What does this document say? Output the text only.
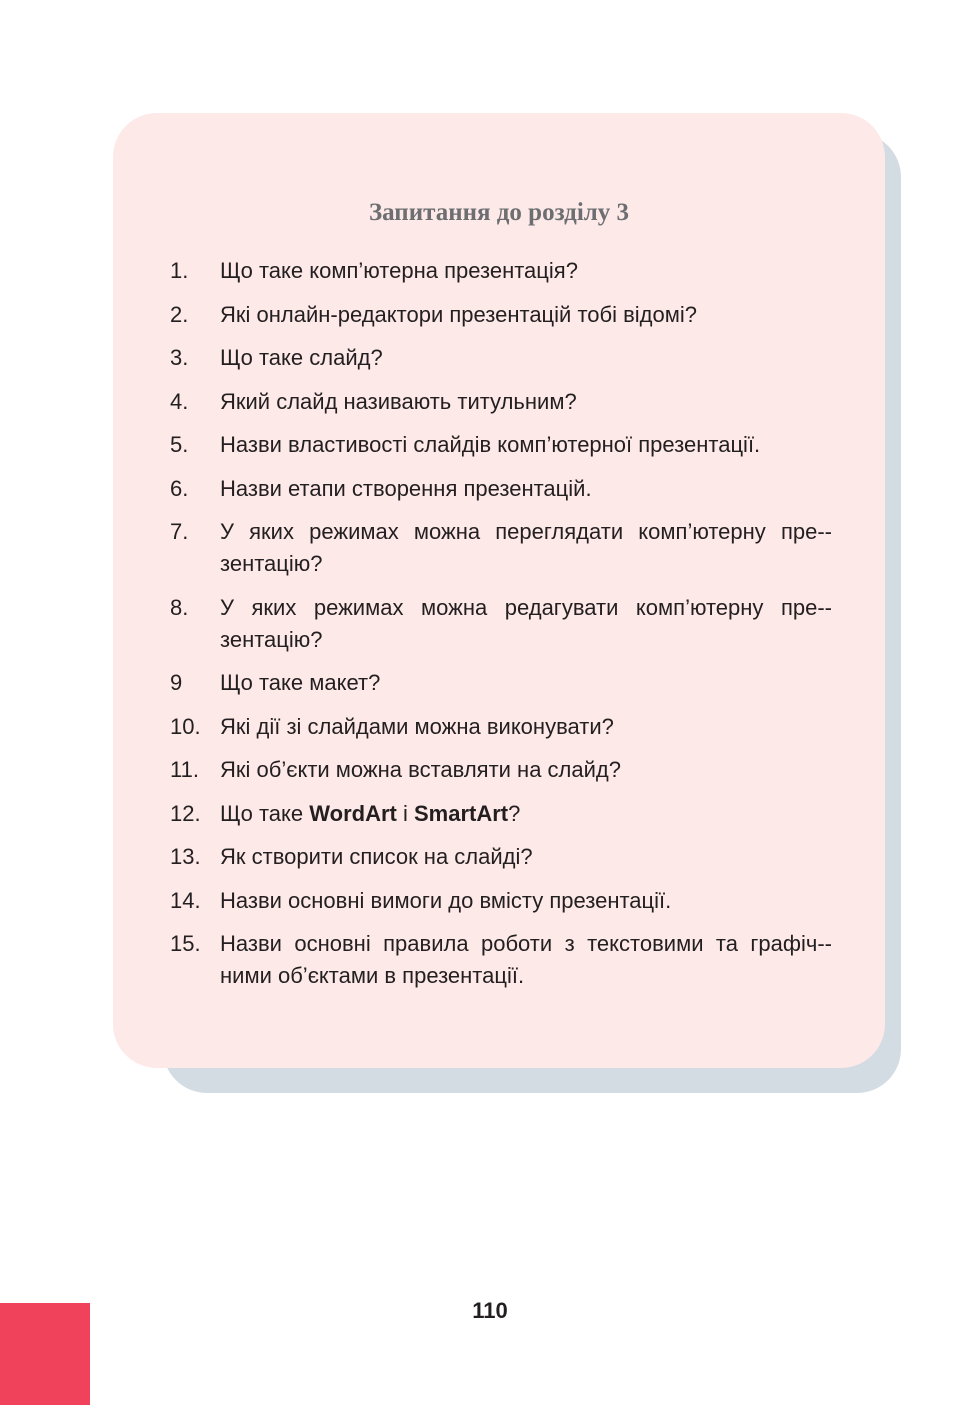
Запитання до розділу 3
1.	Що таке комп’ютерна презентація?
2.	Які онлайн-редактори презентацій тобі відомі?
3.	Що таке слайд?
4.	Який слайд називають титульним?
5.	Назви властивості слайдів комп’ютерної презентації.
6.	Назви етапи створення презентацій.
7.	У яких режимах можна переглядати комп’ютерну пре-зентацію?
8.	У яких режимах можна редагувати комп’ютерну пре-зентацію?
9	Що таке макет?
10. Які дії зі слайдами можна виконувати?
11. Які об’єкти можна вставляти на слайд?
12. Що таке WordArt і SmartArt?
13. Як створити список на слайді?
14. Назви основні вимоги до вмісту презентації.
15. Назви основні правила роботи з текстовими та графіч-ними об’єктами в презентації.
110
